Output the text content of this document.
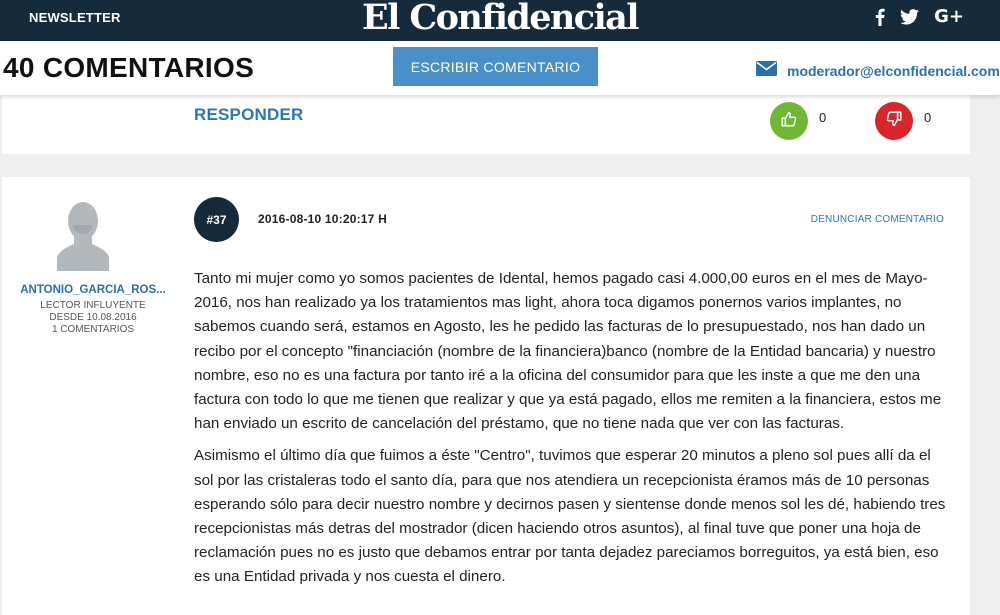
NEWSLETTER	El Confidencial	G+
40 COMENTARIOS	ESCRIBIR COMENTARIO	moderador@elconfidencial.com
RESPONDER	0	0
ANTONIO_GARCIA_ROS...
LECTOR INFLUYENTE
DESDE 10.08.2016
1 COMENTARIOS
#37	2016-08-10 10:20:17 H	DENUNCIAR COMENTARIO

Tanto mi mujer como yo somos pacientes de Idental, hemos pagado casi 4.000,00 euros en el mes de Mayo-2016, nos han realizado ya los tratamientos mas light, ahora toca digamos ponernos varios implantes, no sabemos cuando será, estamos en Agosto, les he pedido las facturas de lo presupuestado, nos han dado un recibo por el concepto "financiación (nombre de la financiera)banco (nombre de la Entidad bancaria) y nuestro nombre, eso no es una factura por tanto iré a la oficina del consumidor para que les inste a que me den una factura con todo lo que me tienen que realizar y que ya está pagado, ellos me remiten a la financiera, estos me han enviado un escrito de cancelación del préstamo, que no tiene nada que ver con las facturas.

Asimismo el último día que fuimos a éste "Centro", tuvimos que esperar 20 minutos a pleno sol pues allí da el sol por las cristaleras todo el santo día, para que nos atendiera un recepcionista éramos más de 10 personas esperando sólo para decir nuestro nombre y decirnos pasen y sientense donde menos sol les dé, habiendo tres recepcionistas más detras del mostrador (dicen haciendo otros asuntos), al final tuve que poner una hoja de reclamación pues no es justo que debamos entrar por tanta dejadez pareciamos borreguitos, ya está bien, eso es una Entidad privada y nos cuesta el dinero.
